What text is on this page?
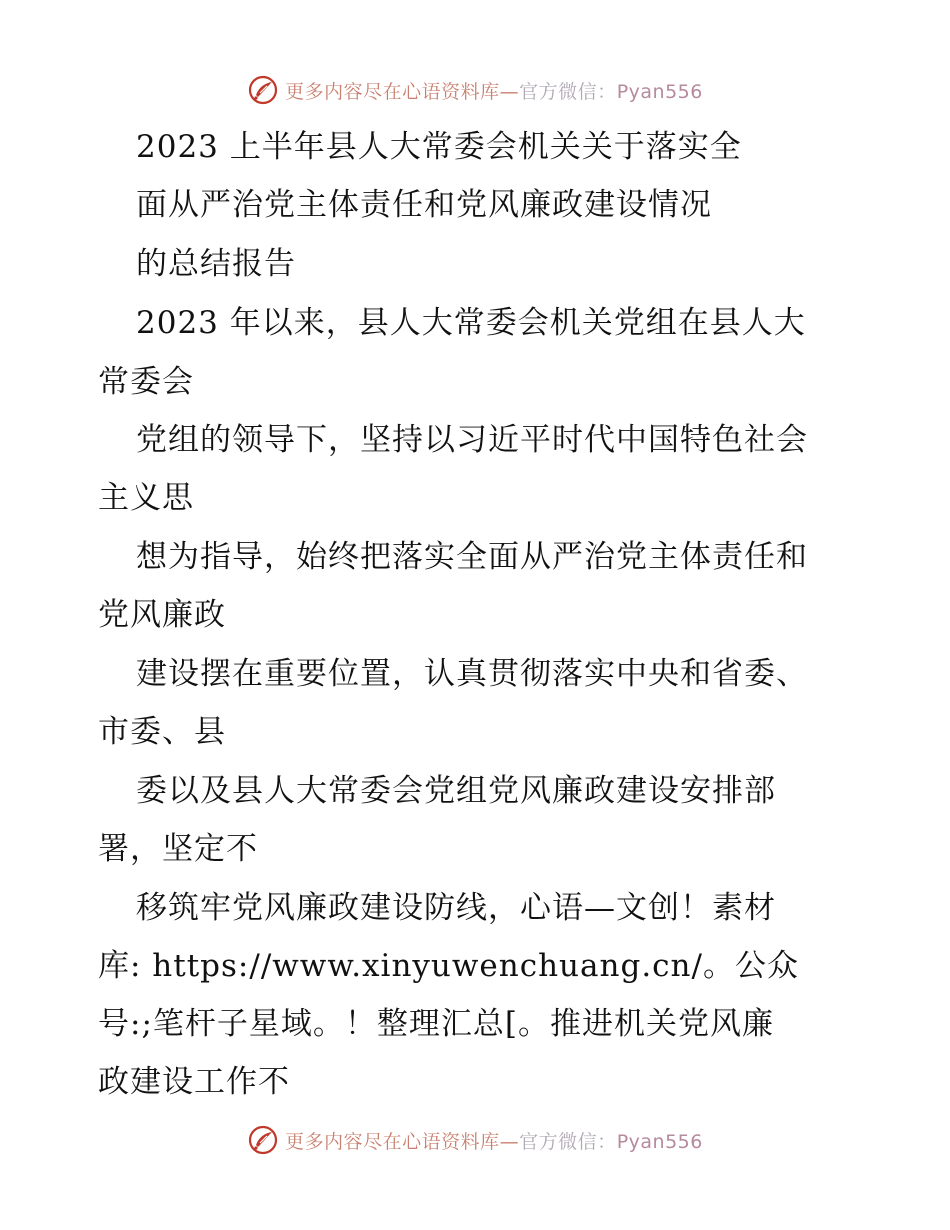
更多内容尽在心语资料库—官方微信：Pyan556
2023 上半年县人大常委会机关关于落实全
面从严治党主体责任和党风廉政建设情况
的总结报告
2023 年以来，县人大常委会机关党组在县人大
常委会
党组的领导下，坚持以习近平时代中国特色社会
主义思
想为指导，始终把落实全面从严治党主体责任和
党风廉政
建设摆在重要位置，认真贯彻落实中央和省委、
市委、县
委以及县人大常委会党组党风廉政建设安排部
署，坚定不
移筑牢党风廉政建设防线，心语—文创！素材
库: https://www.xinyuwenchuang.cn/。公众
号:;笔杆子星域。！整理汇总[。推进机关党风廉
政建设工作不
更多内容尽在心语资料库—官方微信：Pyan556
